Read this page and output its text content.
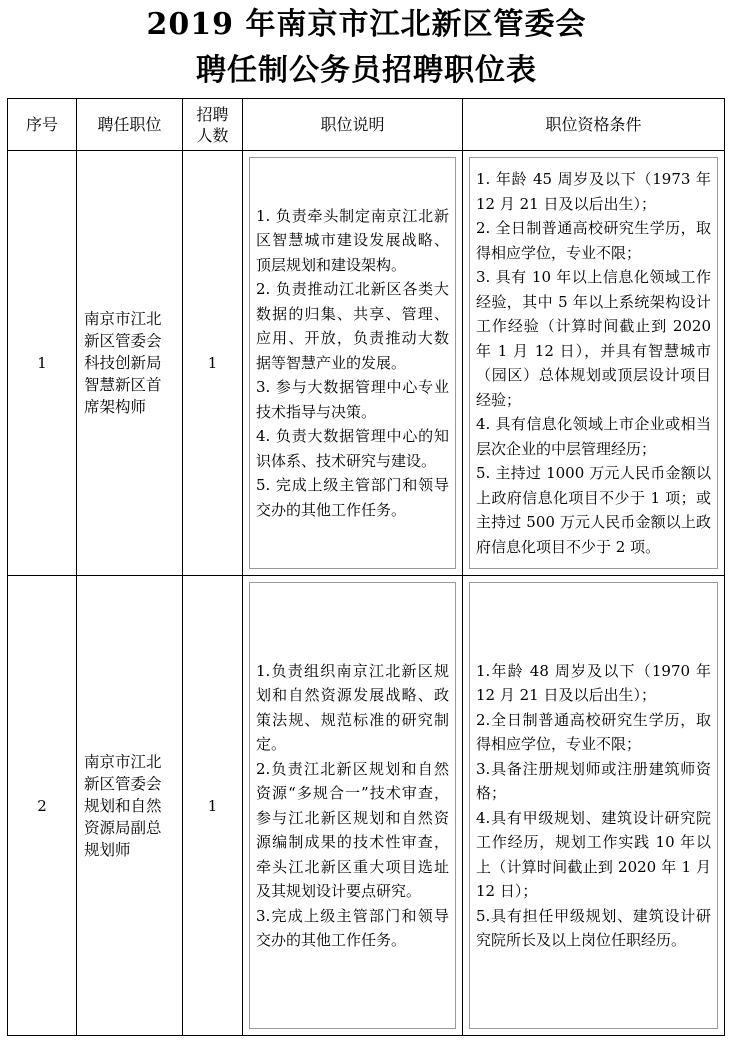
2019 年南京市江北新区管委会
聘任制公务员招聘职位表
序号	聘任职位
招聘
人数
职位说明	职位资格条件
1
南京市江北新区管委会科技创新局智慧新区首席架构师
1

1. 负责牵头制定南京江北新区智慧城市建设发展战略、顶层规划和建设架构。

2. 负责推动江北新区各类大数据的归集、共享、管理、应用、开放，负责推动大数据等智慧产业的发展。

3. 参与大数据管理中心专业技术指导与决策。

4. 负责大数据管理中心的知识体系、技术研究与建设。

5. 完成上级主管部门和领导交办的其他工作任务。

1. 年龄 45 周岁及以下（1973 年 12 月 21 日及以后出生）；

2. 全日制普通高校研究生学历，取得相应学位，专业不限；

3. 具有 10 年以上信息化领域工作经验，其中 5 年以上系统架构设计工作经验（计算时间截止到 2020 年 1 月 12 日），并具有智慧城市（园区）总体规划或顶层设计项目经验；

4. 具有信息化领域上市企业或相当层次企业的中层管理经历；

5. 主持过 1000 万元人民币金额以上政府信息化项目不少于 1 项；或主持过 500 万元人民币金额以上政府信息化项目不少于 2 项。

2
南京市江北新区管委会规划和自然资源局副总规划师
1

1.负责组织南京江北新区规划和自然资源发展战略、政策法规、规范标准的研究制定。

2.负责江北新区规划和自然资源“多规合一”技术审查，参与江北新区规划和自然资源编制成果的技术性审查，牵头江北新区重大项目选址及其规划设计要点研究。

3.完成上级主管部门和领导交办的其他工作任务。

1.年龄 48 周岁及以下（1970 年 12 月 21 日及以后出生）；

2.全日制普通高校研究生学历，取得相应学位，专业不限；

3.具备注册规划师或注册建筑师资格；

4.具有甲级规划、建筑设计研究院工作经历，规划工作实践 10 年以上（计算时间截止到 2020 年 1 月 12 日）；

5.具有担任甲级规划、建筑设计研究院所长及以上岗位任职经历。
